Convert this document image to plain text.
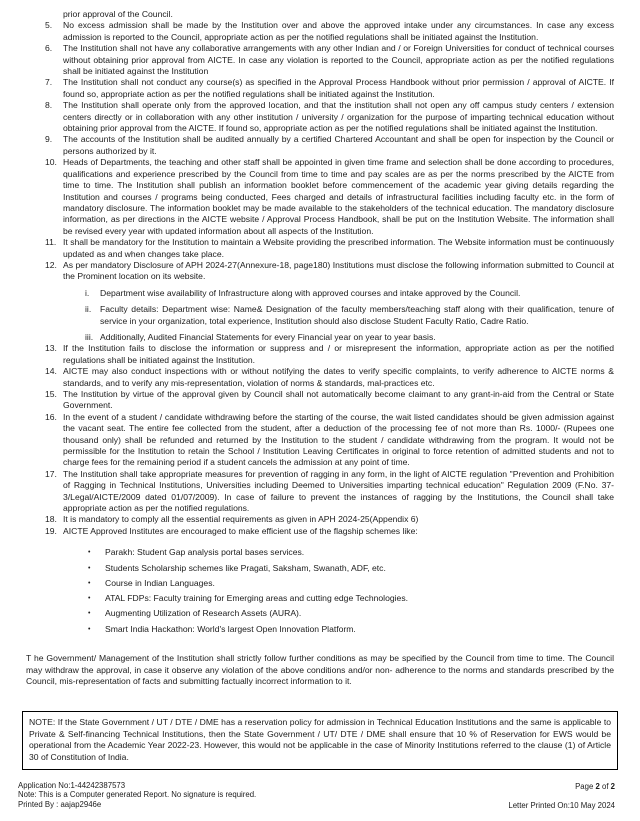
prior approval of the Council.
5.	No excess admission shall be made by the Institution over and above the approved intake under any circumstances. In case any excess admission is reported to the Council, appropriate action as per the notified regulations shall be initiated against the Institution.
6.	The Institution shall not have any collaborative arrangements with any other Indian and / or Foreign Universities for conduct of technical courses without obtaining prior approval from AICTE. In case any violation is reported to the Council, appropriate action as per the notified regulations shall be initiated against the Institution
7.	The Institution shall not conduct any course(s) as specified in the Approval Process Handbook without prior permission / approval of AICTE. If found so, appropriate action as per the notified regulations shall be initiated against the Institution.
8.	The Institution shall operate only from the approved location, and that the institution shall not open any off campus study centers / extension centers directly or in collaboration with any other institution / university / organization for the purpose of imparting technical education without obtaining prior approval from the AICTE. If found so, appropriate action as per the notified regulations shall be initiated against the Institution.
9.	The accounts of the Institution shall be audited annually by a certified Chartered Accountant and shall be open for inspection by the Council or persons authorized by it.
10. Heads of Departments, the teaching and other staff shall be appointed in given time frame and selection shall be done according to procedures, qualifications and experience prescribed by the Council from time to time and pay scales are as per the norms prescribed by the AICTE from time to time. The Institution shall publish an information booklet before commencement of the academic year giving details regarding the Institution and courses / programs being conducted, Fees charged and details of infrastructural facilities including faculty etc. in the form of mandatory disclosure. The information booklet may be made available to the stakeholders of the technical education. The mandatory disclosure information, as per directions in the AICTE website / Approval Process Handbook, shall be put on the Institution Website. The information shall be revised every year with updated information about all aspects of the Institution.
11. It shall be mandatory for the Institution to maintain a Website providing the prescribed information. The Website information must be continuously updated as and when changes take place.
12. As per mandatory Disclosure of APH 2024-27(Annexure-18, page180) Institutions must disclose the following information submitted to Council at the Prominent location on its website.
i.	Department wise availability of Infrastructure along with approved courses and intake approved by the Council.
ii.	Faculty details: Department wise: Name& Designation of the faculty members/teaching staff along with their qualification, tenure of service in your organization, total experience, Institution should also disclose Student Faculty Ratio, Cadre Ratio.
iii. Additionally, Audited Financial Statements for every Financial year on year to year basis.
13. If the Institution fails to disclose the information or suppress and / or misrepresent the information, appropriate action as per the notified regulations shall be initiated against the Institution.
14. AICTE may also conduct inspections with or without notifying the dates to verify specific complaints, to verify adherence to AICTE norms & standards, and to verify any mis-representation, violation of norms & standards, mal-practices etc.
15. The Institution by virtue of the approval given by Council shall not automatically become claimant to any grant-in-aid from the Central or State Government.
16. In the event of a student / candidate withdrawing before the starting of the course, the wait listed candidates should be given admission against the vacant seat. The entire fee collected from the student, after a deduction of the processing fee of not more than Rs. 1000/- (Rupees one thousand only) shall be refunded and returned by the Institution to the student / candidate withdrawing from the program. It would not be permissible for the Institution to retain the School / Institution Leaving Certificates in original to force retention of admitted students and not to charge fees for the remaining period if a student cancels the admission at any point of time.
17. The Institution shall take appropriate measures for prevention of ragging in any form, in the light of AICTE regulation "Prevention and Prohibition of Ragging in Technical Institutions, Universities including Deemed to Universities imparting technical education" Regulation 2009 (F.No. 37-3/Legal/AICTE/2009 dated 01/07/2009). In case of failure to prevent the instances of ragging by the Institutions, the Council shall take appropriate action as per the notified regulations.
18. It is mandatory to comply all the essential requirements as given in APH 2024-25(Appendix 6)
19. AICTE Approved Institutes are encouraged to make efficient use of the flagship schemes like:
•
Parakh: Student Gap analysis portal bases services.
•
Students Scholarship schemes like Pragati, Saksham, Swanath, ADF, etc.
•
Course in Indian Languages.
•
ATAL FDPs: Faculty training for Emerging areas and cutting edge Technologies.
•
Augmenting Utilization of Research Assets (AURA).
•
Smart India Hackathon: World's largest Open Innovation Platform.
T he Government/ Management of the Institution shall strictly follow further conditions as may be specified by the Council from time to time. The Council may withdraw the approval, in case it observe any violation of the above conditions and/or non- adherence to the norms and standards prescribed by the Council, mis-representation of facts and submitting factually incorrect information to it.
NOTE: If the State Government / UT / DTE / DME has a reservation policy for admission in Technical Education Institutions and the same is applicable to Private & Self-financing Technical Institutions, then the State Government / UT/ DTE / DME shall ensure that 10 % of Reservation for EWS would be operational from the Academic Year 2022-23. However, this would not be applicable in the case of Minority Institutions referred to the clause (1) of Article 30 of Constitution of India.
Application No:1-44242387573
Note: This is a Computer generated Report. No signature is required.
Printed By : aajap2946e
Page 2 of 2
Letter Printed On:10 May 2024
